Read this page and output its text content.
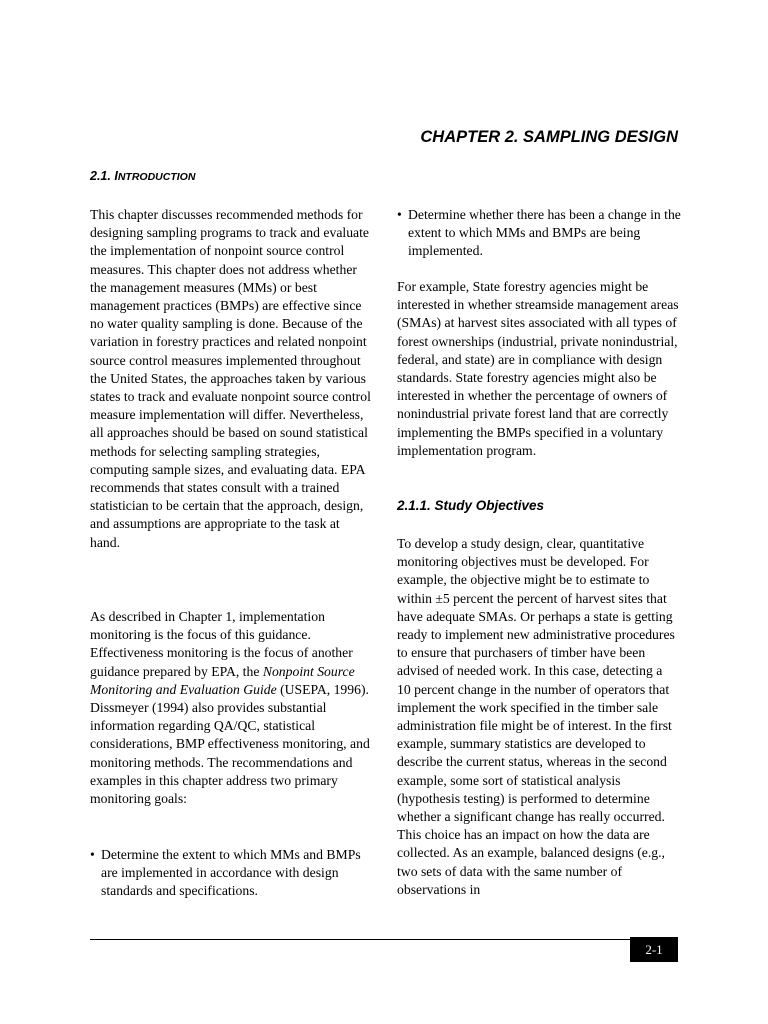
CHAPTER 2. SAMPLING DESIGN
2.1. INTRODUCTION

This chapter discusses recommended methods for designing sampling programs to track and evaluate the implementation of nonpoint source control measures. This chapter does not address whether the management measures (MMs) or best management practices (BMPs) are effective since no water quality sampling is done. Because of the variation in forestry practices and related nonpoint source control measures implemented throughout the United States, the approaches taken by various states to track and evaluate nonpoint source control measure implementation will differ. Nevertheless, all approaches should be based on sound statistical methods for selecting sampling strategies, computing sample sizes, and evaluating data. EPA recommends that states consult with a trained statistician to be certain that the approach, design, and assumptions are appropriate to the task at hand.

As described in Chapter 1, implementation monitoring is the focus of this guidance. Effectiveness monitoring is the focus of another guidance prepared by EPA, the Nonpoint Source Monitoring and Evaluation Guide (USEPA, 1996). Dissmeyer (1994) also provides substantial information regarding QA/QC, statistical considerations, BMP effectiveness monitoring, and monitoring methods. The recommendations and examples in this chapter address two primary monitoring goals:

• Determine the extent to which MMs and BMPs are implemented in accordance with design standards and specifications.
• Determine whether there has been a change in the extent to which MMs and BMPs are being implemented.

For example, State forestry agencies might be interested in whether streamside management areas (SMAs) at harvest sites associated with all types of forest ownerships (industrial, private nonindustrial, federal, and state) are in compliance with design standards. State forestry agencies might also be interested in whether the percentage of owners of nonindustrial private forest land that are correctly implementing the BMPs specified in a voluntary implementation program.

2.1.1. Study Objectives

To develop a study design, clear, quantitative monitoring objectives must be developed. For example, the objective might be to estimate to within ±5 percent the percent of harvest sites that have adequate SMAs. Or perhaps a state is getting ready to implement new administrative procedures to ensure that purchasers of timber have been advised of needed work. In this case, detecting a 10 percent change in the number of operators that implement the work specified in the timber sale administration file might be of interest. In the first example, summary statistics are developed to describe the current status, whereas in the second example, some sort of statistical analysis (hypothesis testing) is performed to determine whether a significant change has really occurred. This choice has an impact on how the data are collected. As an example, balanced designs (e.g., two sets of data with the same number of observations in

2-1
